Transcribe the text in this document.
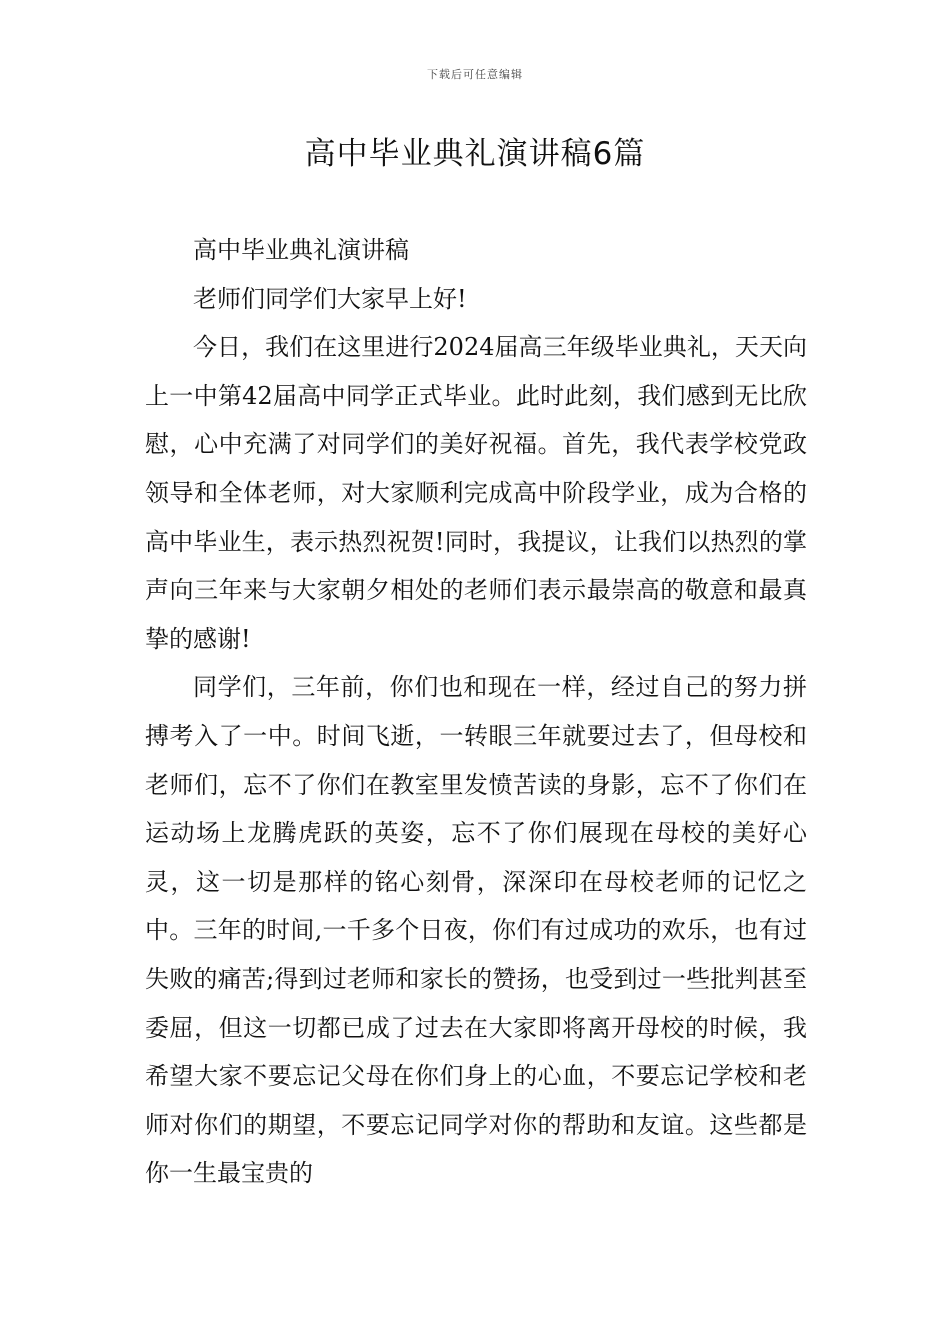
下载后可任意编辑
高中毕业典礼演讲稿6篇

高中毕业典礼演讲稿

老师们同学们大家早上好!

今日，我们在这里进行2024届高三年级毕业典礼，天天向上一中第42届高中同学正式毕业。此时此刻，我们感到无比欣慰，心中充满了对同学们的美好祝福。首先，我代表学校党政领导和全体老师，对大家顺利完成高中阶段学业，成为合格的高中毕业生，表示热烈祝贺!同时，我提议，让我们以热烈的掌声向三年来与大家朝夕相处的老师们表示最崇高的敬意和最真挚的感谢!

同学们，三年前，你们也和现在一样，经过自己的努力拼搏考入了一中。时间飞逝，一转眼三年就要过去了，但母校和老师们，忘不了你们在教室里发愤苦读的身影，忘不了你们在运动场上龙腾虎跃的英姿，忘不了你们展现在母校的美好心灵，这一切是那样的铭心刻骨，深深印在母校老师的记忆之中。三年的时间,一千多个日夜，你们有过成功的欢乐，也有过失败的痛苦;得到过老师和家长的赞扬，也受到过一些批判甚至委屈，但这一切都已成了过去在大家即将离开母校的时候，我希望大家不要忘记父母在你们身上的心血，不要忘记学校和老师对你们的期望，不要忘记同学对你的帮助和友谊。这些都是你一生最宝贵的
